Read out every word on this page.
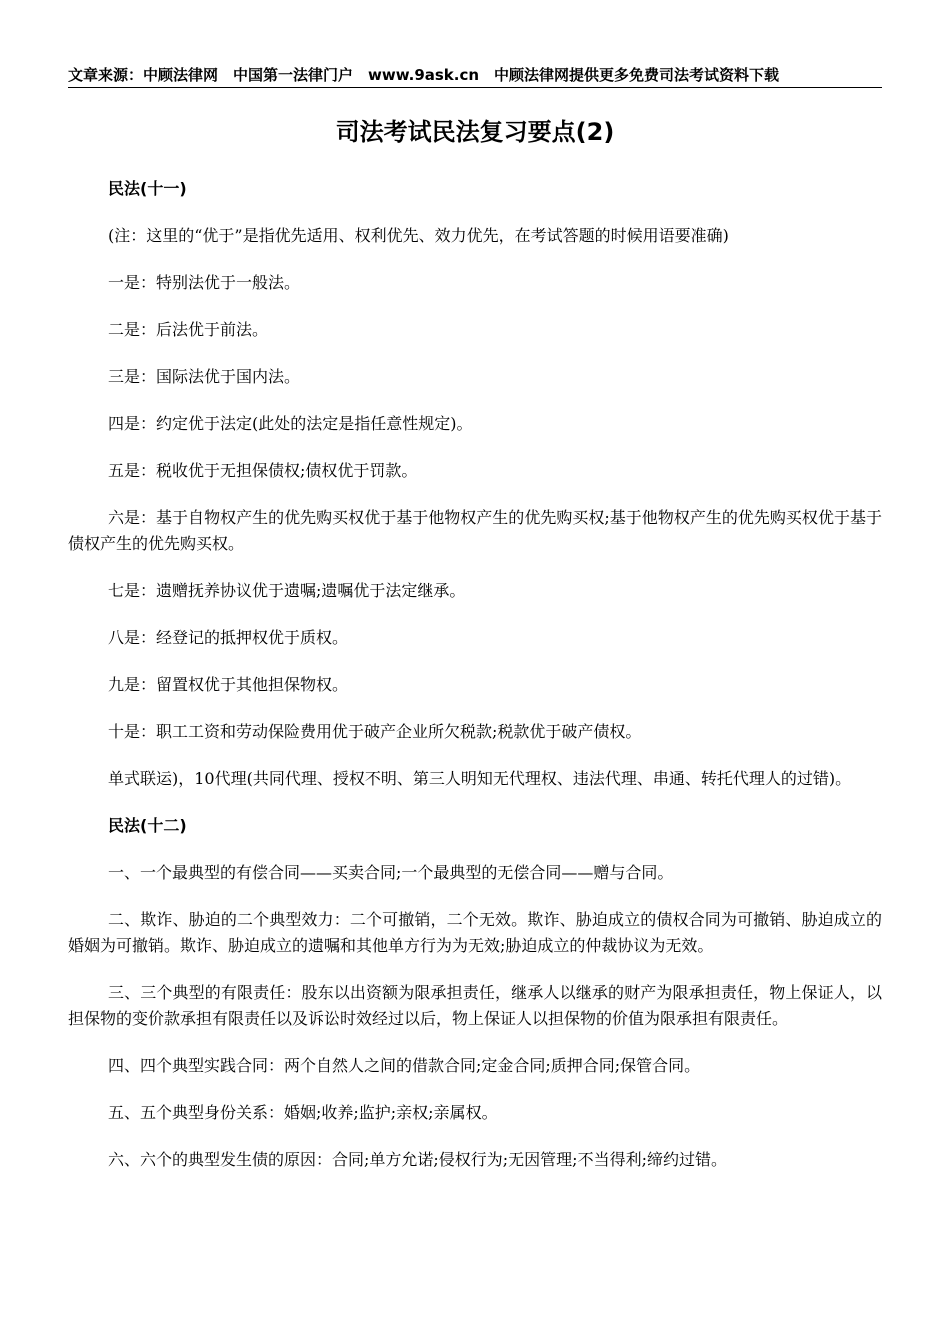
文章来源：中顾法律网　中国第一法律门户　www.9ask.cn　中顾法律网提供更多免费司法考试资料下载
司法考试民法复习要点(2)

民法(十一)

(注：这里的“优于”是指优先适用、权利优先、效力优先，在考试答题的时候用语要准确)

一是：特别法优于一般法。

二是：后法优于前法。

三是：国际法优于国内法。

四是：约定优于法定(此处的法定是指任意性规定)。

五是：税收优于无担保债权;债权优于罚款。

六是：基于自物权产生的优先购买权优于基于他物权产生的优先购买权;基于他物权产生的优先购买权优于基于债权产生的优先购买权。

七是：遗赠抚养协议优于遗嘱;遗嘱优于法定继承。

八是：经登记的抵押权优于质权。

九是：留置权优于其他担保物权。

十是：职工工资和劳动保险费用优于破产企业所欠税款;税款优于破产债权。

单式联运)，10代理(共同代理、授权不明、第三人明知无代理权、违法代理、串通、转托代理人的过错)。

民法(十二)

一、一个最典型的有偿合同——买卖合同;一个最典型的无偿合同——赠与合同。

二、欺诈、胁迫的二个典型效力：二个可撤销，二个无效。欺诈、胁迫成立的债权合同为可撤销、胁迫成立的婚姻为可撤销。欺诈、胁迫成立的遗嘱和其他单方行为为无效;胁迫成立的仲裁协议为无效。

三、三个典型的有限责任：股东以出资额为限承担责任，继承人以继承的财产为限承担责任，物上保证人，以担保物的变价款承担有限责任以及诉讼时效经过以后，物上保证人以担保物的价值为限承担有限责任。

四、四个典型实践合同：两个自然人之间的借款合同;定金合同;质押合同;保管合同。

五、五个典型身份关系：婚姻;收养;监护;亲权;亲属权。

六、六个的典型发生债的原因：合同;单方允诺;侵权行为;无因管理;不当得利;缔约过错。
